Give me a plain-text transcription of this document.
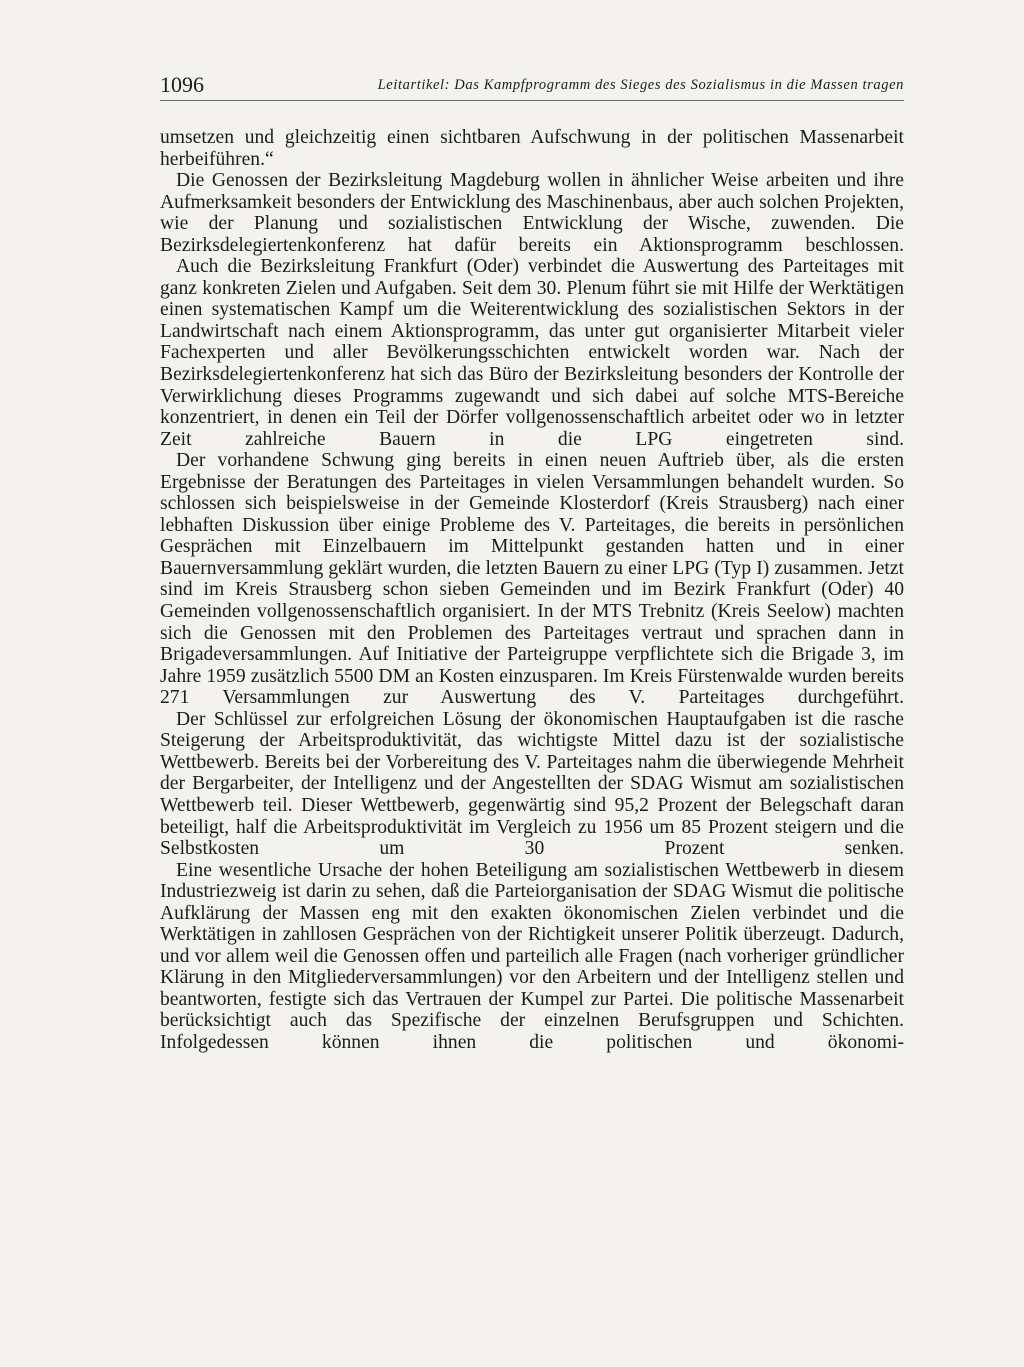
1096	Leitartikel: Das Kampfprogramm des Sieges des Sozialismus in die Massen tragen

umsetzen und gleichzeitig einen sichtbaren Aufschwung in der politischen Massenarbeit herbeiführen.“

Die Genossen der Bezirksleitung Magdeburg wollen in ähnlicher Weise arbeiten und ihre Aufmerksamkeit besonders der Entwicklung des Maschinenbaus, aber auch solchen Projekten, wie der Planung und sozialistischen Entwicklung der Wische, zuwenden. Die Bezirksdelegiertenkonferenz hat dafür bereits ein Aktionsprogramm beschlossen.

Auch die Bezirksleitung Frankfurt (Oder) verbindet die Auswertung des Parteitages mit ganz konkreten Zielen und Aufgaben. Seit dem 30. Plenum führt sie mit Hilfe der Werktätigen einen systematischen Kampf um die Weiterentwicklung des sozialistischen Sektors in der Landwirtschaft nach einem Aktionsprogramm, das unter gut organisierter Mitarbeit vieler Fachexperten und aller Bevölkerungsschichten entwickelt worden war. Nach der Bezirksdelegiertenkonferenz hat sich das Büro der Bezirksleitung besonders der Kontrolle der Verwirklichung dieses Programms zugewandt und sich dabei auf solche MTS-Bereiche konzentriert, in denen ein Teil der Dörfer vollgenossenschaftlich arbeitet oder wo in letzter Zeit zahlreiche Bauern in die LPG eingetreten sind.

Der vorhandene Schwung ging bereits in einen neuen Auftrieb über, als die ersten Ergebnisse der Beratungen des Parteitages in vielen Versammlungen behandelt wurden. So schlossen sich beispielsweise in der Gemeinde Klosterdorf (Kreis Strausberg) nach einer lebhaften Diskussion über einige Probleme des V. Parteitages, die bereits in persönlichen Gesprächen mit Einzelbauern im Mittelpunkt gestanden hatten und in einer Bauernversammlung geklärt wurden, die letzten Bauern zu einer LPG (Typ I) zusammen. Jetzt sind im Kreis Strausberg schon sieben Gemeinden und im Bezirk Frankfurt (Oder) 40 Gemeinden vollgenossenschaftlich organisiert. In der MTS Trebnitz (Kreis Seelow) machten sich die Genossen mit den Problemen des Parteitages vertraut und sprachen dann in Brigadeversammlungen. Auf Initiative der Parteigruppe verpflichtete sich die Brigade 3, im Jahre 1959 zusätzlich 5500 DM an Kosten einzusparen. Im Kreis Fürstenwalde wurden bereits 271 Versammlungen zur Auswertung des V. Parteitages durchgeführt.

Der Schlüssel zur erfolgreichen Lösung der ökonomischen Hauptaufgaben ist die rasche Steigerung der Arbeitsproduktivität, das wichtigste Mittel dazu ist der sozialistische Wettbewerb. Bereits bei der Vorbereitung des V. Parteitages nahm die überwiegende Mehrheit der Bergarbeiter, der Intelligenz und der Angestellten der SDAG Wismut am sozialistischen Wettbewerb teil. Dieser Wettbewerb, gegenwärtig sind 95,2 Prozent der Belegschaft daran beteiligt, half die Arbeitsproduktivität im Vergleich zu 1956 um 85 Prozent steigern und die Selbstkosten um 30 Prozent senken.

Eine wesentliche Ursache der hohen Beteiligung am sozialistischen Wettbewerb in diesem Industriezweig ist darin zu sehen, daß die Parteiorganisation der SDAG Wismut die politische Aufklärung der Massen eng mit den exakten ökonomischen Zielen verbindet und die Werktätigen in zahllosen Gesprächen von der Richtigkeit unserer Politik überzeugt. Dadurch, und vor allem weil die Genossen offen und parteilich alle Fragen (nach vorheriger gründlicher Klärung in den Mitgliederversammlungen) vor den Arbeitern und der Intelligenz stellen und beantworten, festigte sich das Vertrauen der Kumpel zur Partei. Die politische Massenarbeit berücksichtigt auch das Spezifische der einzelnen Berufsgruppen und Schichten. Infolgedessen können ihnen die politischen und ökonomi-
